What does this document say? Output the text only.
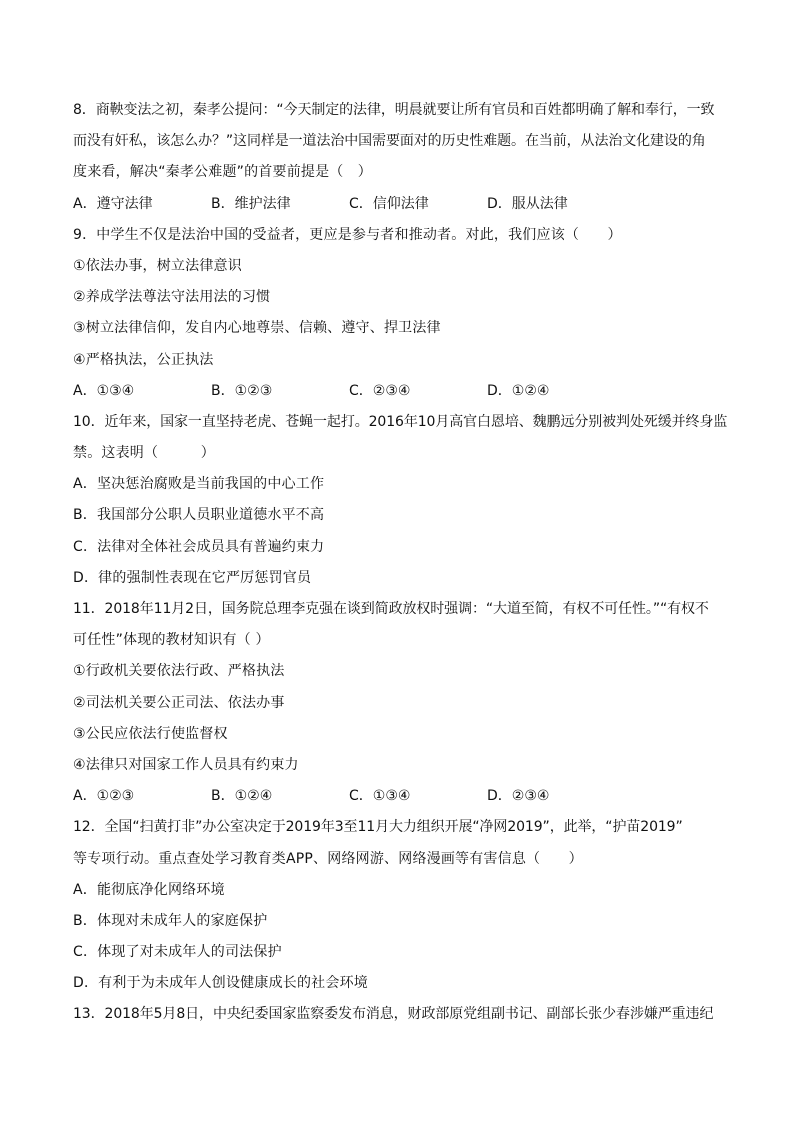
8．商鞅变法之初，秦孝公提问：“今天制定的法律，明晨就要让所有官员和百姓都明确了解和奉行，一致
而没有奸私，该怎么办？”这同样是一道法治中国需要面对的历史性难题。在当前，从法治文化建设的角
度来看，解决“秦孝公难题”的首要前提是（　）
A．遵守法律	B．维护法律	C．信仰法律	D．服从法律
9．中学生不仅是法治中国的受益者，更应是参与者和推动者。对此，我们应该（　　）
①依法办事，树立法律意识
②养成学法尊法守法用法的习惯
③树立法律信仰，发自内心地尊崇、信赖、遵守、捍卫法律
④严格执法，公正执法
A．①③④	B．①②③	C．②③④	D．①②④
10．近年来，国家一直坚持老虎、苍蝇一起打。2016年10月高官白恩培、魏鹏远分别被判处死缓并终身监
禁。这表明（　　　）
A．坚决惩治腐败是当前我国的中心工作
B．我国部分公职人员职业道德水平不高
C．法律对全体社会成员具有普遍约束力
D．律的强制性表现在它严厉惩罚官员
11．2018年11月2日，国务院总理李克强在谈到简政放权时强调：“大道至简，有权不可任性。”“有权不
可任性”体现的教材知识有（ ）
①行政机关要依法行政、严格执法
②司法机关要公正司法、依法办事
③公民应依法行使监督权
④法律只对国家工作人员具有约束力
A．①②③	B．①②④	C．①③④	D．②③④
12．全国“扫黄打非”办公室决定于2019年3至11月大力组织开展“净网2019”，此举，“护苗2019”
等专项行动。重点查处学习教育类APP、网络网游、网络漫画等有害信息（　　）
A．能彻底净化网络环境
B．体现对未成年人的家庭保护
C．体现了对未成年人的司法保护
D．有利于为未成年人创设健康成长的社会环境
13．2018年5月8日，中央纪委国家监察委发布消息，财政部原党组副书记、副部长张少春涉嫌严重违纪
